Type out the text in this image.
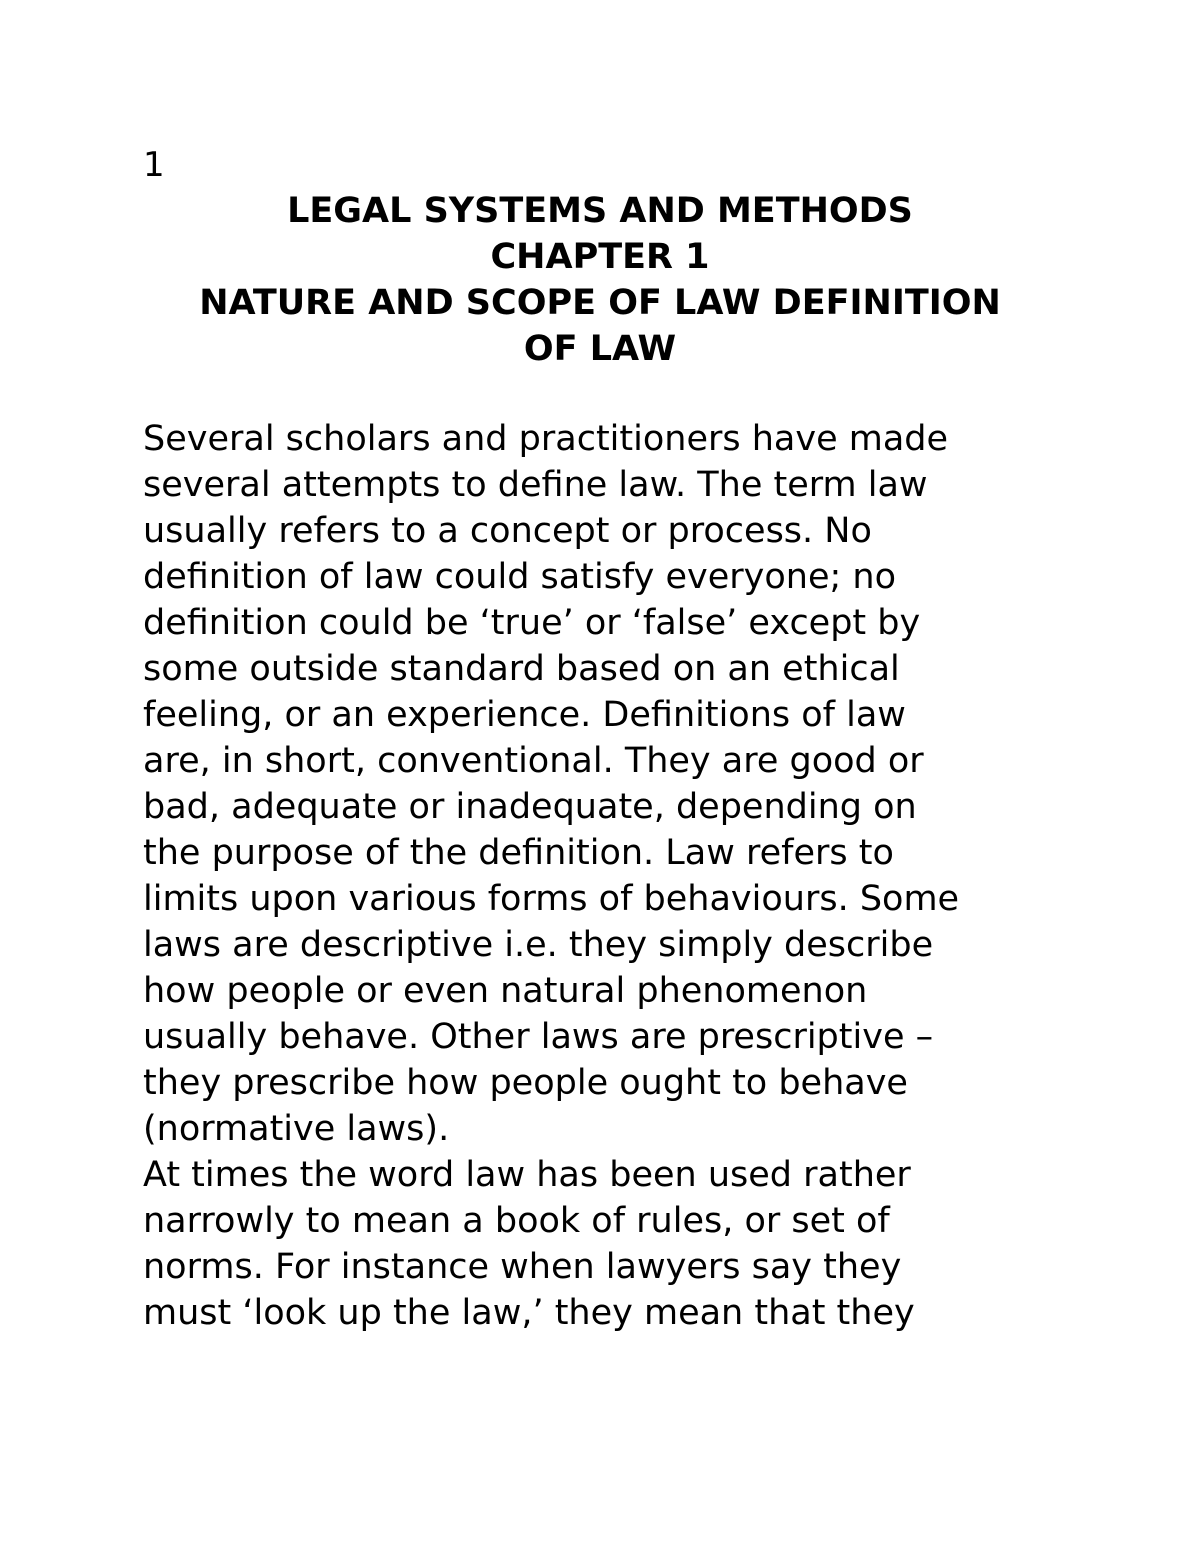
1
LEGAL SYSTEMS AND METHODS
CHAPTER 1
NATURE AND SCOPE OF LAW DEFINITION
OF LAW
Several scholars and practitioners have made
several attempts to define law. The term law
usually refers to a concept or process. No
definition of law could satisfy everyone; no
definition could be ‘true’ or ‘false’ except by
some outside standard based on an ethical
feeling, or an experience. Definitions of law
are, in short, conventional. They are good or
bad, adequate or inadequate, depending on
the purpose of the definition. Law refers to
limits upon various forms of behaviours. Some
laws are descriptive i.e. they simply describe
how people or even natural phenomenon
usually behave. Other laws are prescriptive –
they prescribe how people ought to behave
(normative laws).
At times the word law has been used rather
narrowly to mean a book of rules, or set of
norms. For instance when lawyers say they
must ‘look up the law,’ they mean that they
